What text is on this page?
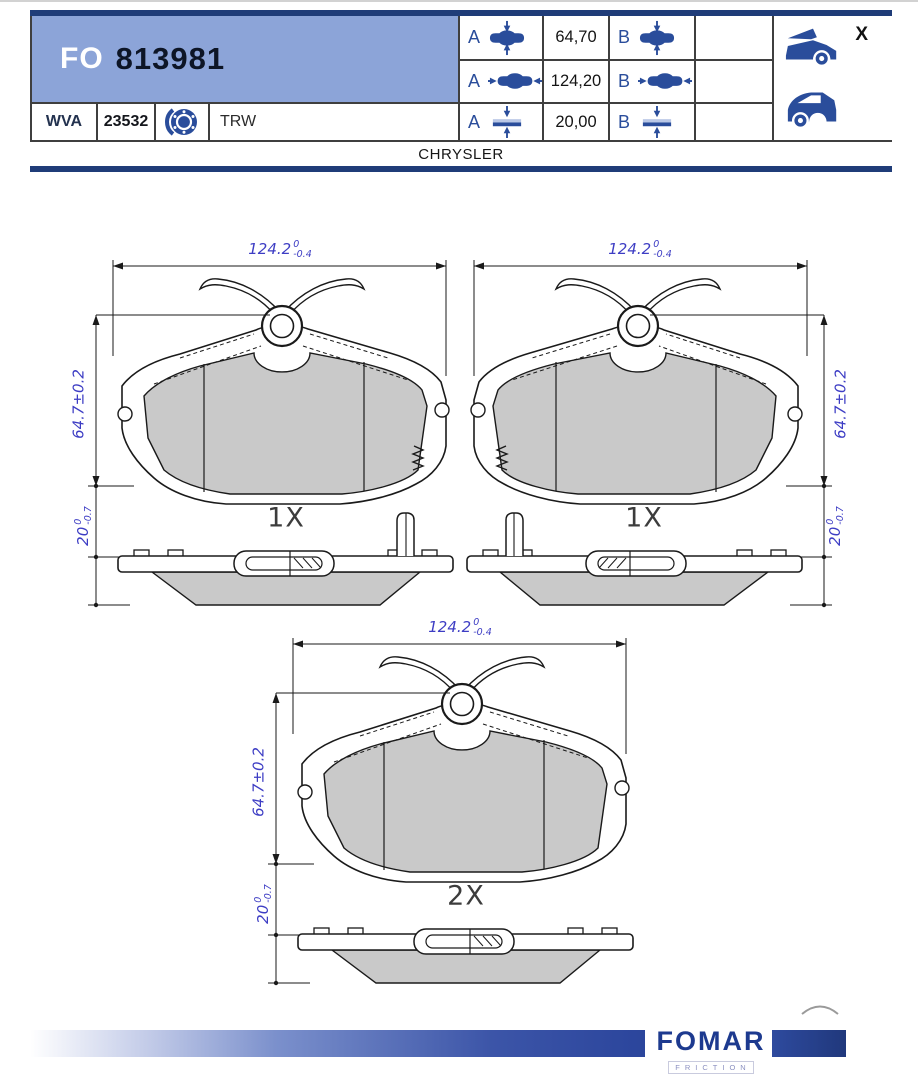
FO 813981
A	64,70	B
A	124,20 B
A	20,00	B
WVA	23532	TRW
X
CHRYSLER
124.2 0
-0.4
64.7±0.2
20
0
-0.7	1X
124.2 0
-0.4
64.7±0.2
20
0
-0.7
1X
124.2 0
-0.4
64.7±0.2
20
0
-0.7	2X
FOMAR
FRICTION
